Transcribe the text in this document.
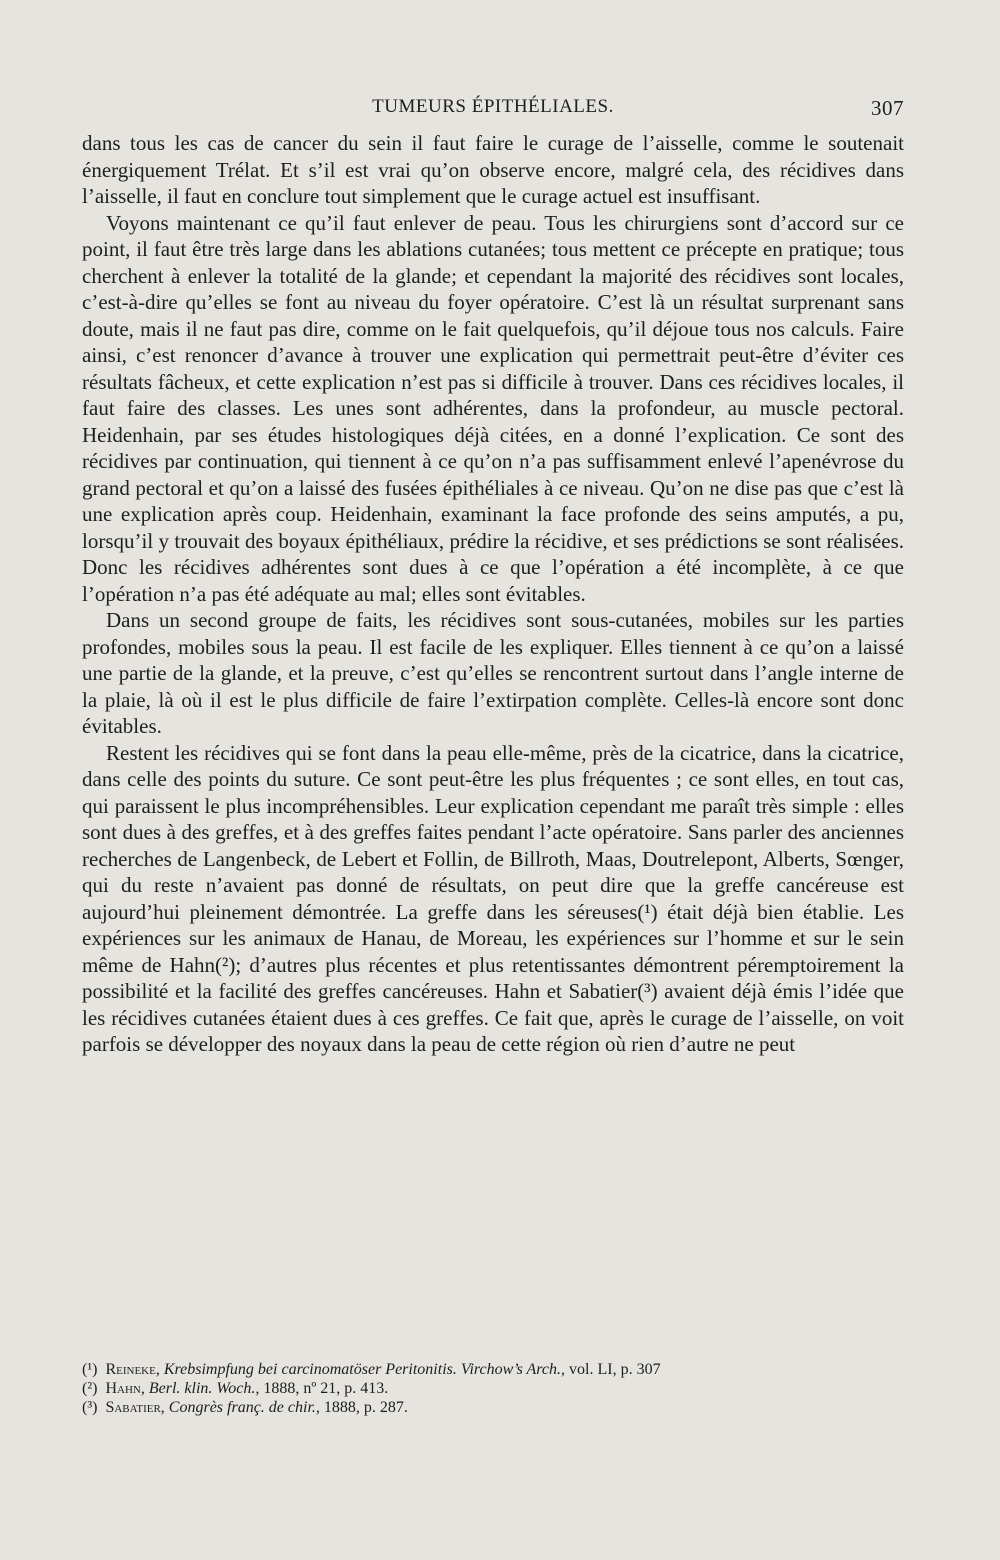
TUMEURS ÉPITHÉLIALES.	307

dans tous les cas de cancer du sein il faut faire le curage de l’aisselle, comme le soutenait énergiquement Trélat. Et s’il est vrai qu’on observe encore, malgré cela, des récidives dans l’aisselle, il faut en conclure tout simplement que le curage actuel est insuffisant.

Voyons maintenant ce qu’il faut enlever de peau. Tous les chirurgiens sont d’accord sur ce point, il faut être très large dans les ablations cutanées; tous mettent ce précepte en pratique; tous cherchent à enlever la totalité de la glande; et cependant la majorité des récidives sont locales, c’est-à-dire qu’elles se font au niveau du foyer opératoire. C’est là un résultat surprenant sans doute, mais il ne faut pas dire, comme on le fait quelquefois, qu’il déjoue tous nos calculs. Faire ainsi, c’est renoncer d’avance à trouver une explication qui permettrait peut-être d’éviter ces résultats fâcheux, et cette explication n’est pas si difficile à trouver. Dans ces récidives locales, il faut faire des classes. Les unes sont adhérentes, dans la profondeur, au muscle pectoral. Heidenhain, par ses études histologiques déjà citées, en a donné l’explication. Ce sont des récidives par continuation, qui tiennent à ce qu’on n’a pas suffisamment enlevé l’apenévrose du grand pectoral et qu’on a laissé des fusées épithéliales à ce niveau. Qu’on ne dise pas que c’est là une explication après coup. Heidenhain, examinant la face profonde des seins amputés, a pu, lorsqu’il y trouvait des boyaux épithéliaux, prédire la récidive, et ses prédictions se sont réalisées. Donc les récidives adhérentes sont dues à ce que l’opération a été incomplète, à ce que l’opération n’a pas été adéquate au mal; elles sont évitables.

Dans un second groupe de faits, les récidives sont sous-cutanées, mobiles sur les parties profondes, mobiles sous la peau. Il est facile de les expliquer. Elles tiennent à ce qu’on a laissé une partie de la glande, et la preuve, c’est qu’elles se rencontrent surtout dans l’angle interne de la plaie, là où il est le plus difficile de faire l’extirpation complète. Celles-là encore sont donc évitables.

Restent les récidives qui se font dans la peau elle-même, près de la cicatrice, dans la cicatrice, dans celle des points du suture. Ce sont peut-être les plus fréquentes ; ce sont elles, en tout cas, qui paraissent le plus incompréhensibles. Leur explication cependant me paraît très simple : elles sont dues à des greffes, et à des greffes faites pendant l’acte opératoire. Sans parler des anciennes recherches de Langenbeck, de Lebert et Follin, de Billroth, Maas, Doutrelepont, Alberts, Sœnger, qui du reste n’avaient pas donné de résultats, on peut dire que la greffe cancéreuse est aujourd’hui pleinement démontrée. La greffe dans les séreuses(¹) était déjà bien établie. Les expériences sur les animaux de Hanau, de Moreau, les expériences sur l’homme et sur le sein même de Hahn(²); d’autres plus récentes et plus retentissantes démontrent péremptoirement la possibilité et la facilité des greffes cancéreuses. Hahn et Sabatier(³) avaient déjà émis l’idée que les récidives cutanées étaient dues à ces greffes. Ce fait que, après le curage de l’aisselle, on voit parfois se développer des noyaux dans la peau de cette région où rien d’autre ne peut

(¹) Reineke, Krebsimpfung bei carcinomatöser Peritonitis. Virchow’s Arch., vol. LI, p. 307

(²) Hahn, Berl. klin. Woch., 1888, nº 21, p. 413.

(³) Sabatier, Congrès franç. de chir., 1888, p. 287.
